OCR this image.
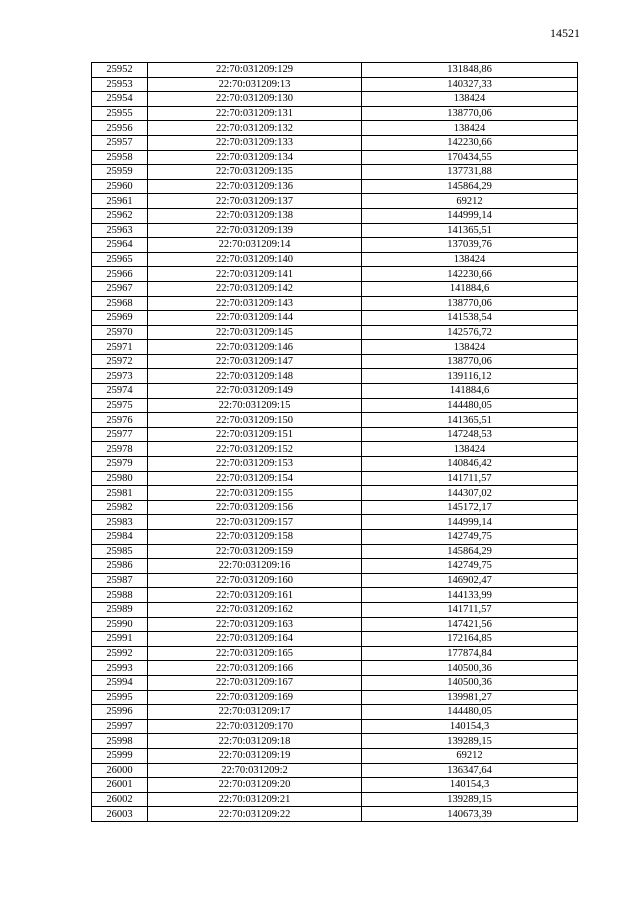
14521
25952	22:70:031209:129	131848,86
25953	22:70:031209:13	140327,33
25954	22:70:031209:130	138424
25955	22:70:031209:131	138770,06
25956	22:70:031209:132	138424
25957	22:70:031209:133	142230,66
25958	22:70:031209:134	170434,55
25959	22:70:031209:135	137731,88
25960	22:70:031209:136	145864,29
25961	22:70:031209:137	69212
25962	22:70:031209:138	144999,14
25963	22:70:031209:139	141365,51
25964	22:70:031209:14	137039,76
25965	22:70:031209:140	138424
25966	22:70:031209:141	142230,66
25967	22:70:031209:142	141884,6
25968	22:70:031209:143	138770,06
25969	22:70:031209:144	141538,54
25970	22:70:031209:145	142576,72
25971	22:70:031209:146	138424
25972	22:70:031209:147	138770,06
25973	22:70:031209:148	139116,12
25974	22:70:031209:149	141884,6
25975	22:70:031209:15	144480,05
25976	22:70:031209:150	141365,51
25977	22:70:031209:151	147248,53
25978	22:70:031209:152	138424
25979	22:70:031209:153	140846,42
25980	22:70:031209:154	141711,57
25981	22:70:031209:155	144307,02
25982	22:70:031209:156	145172,17
25983	22:70:031209:157	144999,14
25984	22:70:031209:158	142749,75
25985	22:70:031209:159	145864,29
25986	22:70:031209:16	142749,75
25987	22:70:031209:160	146902,47
25988	22:70:031209:161	144133,99
25989	22:70:031209:162	141711,57
25990	22:70:031209:163	147421,56
25991	22:70:031209:164	172164,85
25992	22:70:031209:165	177874,84
25993	22:70:031209:166	140500,36
25994	22:70:031209:167	140500,36
25995	22:70:031209:169	139981,27
25996	22:70:031209:17	144480,05
25997	22:70:031209:170	140154,3
25998	22:70:031209:18	139289,15
25999	22:70:031209:19	69212
26000	22:70:031209:2	136347,64
26001	22:70:031209:20	140154,3
26002	22:70:031209:21	139289,15
26003	22:70:031209:22	140673,39
